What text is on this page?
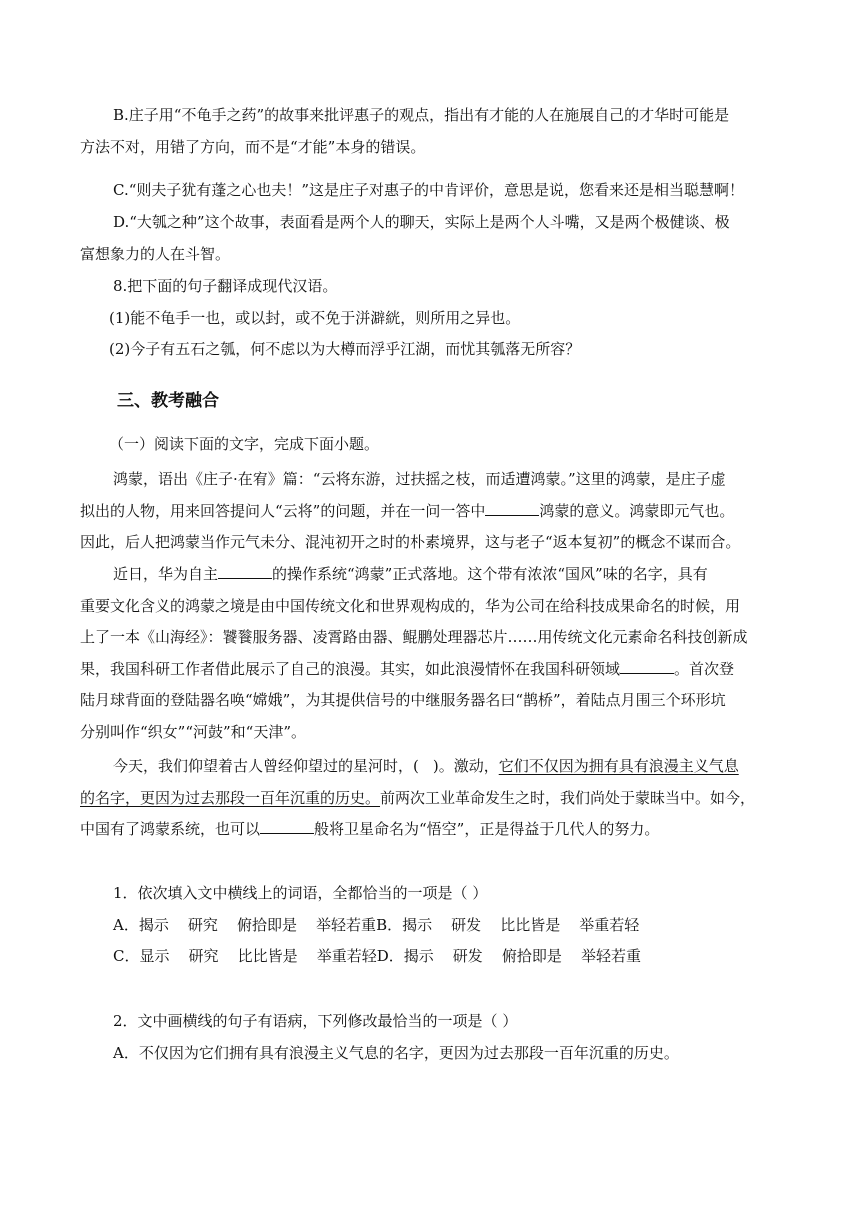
B.庄子用“不龟手之药”的故事来批评惠子的观点，指出有才能的人在施展自己的才华时可能是
方法不对，用错了方向，而不是“才能”本身的错误。
C.“则夫子犹有蓬之心也夫！”这是庄子对惠子的中肯评价，意思是说，您看来还是相当聪慧啊！
D.“大瓠之种”这个故事，表面看是两个人的聊天，实际上是两个人斗嘴，又是两个极健谈、极
富想象力的人在斗智。
8.把下面的句子翻译成现代汉语。
(1)能不龟手一也，或以封，或不免于洴澼絖，则所用之异也。
(2)今子有五石之瓠，何不虑以为大樽而浮乎江湖，而忧其瓠落无所容？
三、教考融合
（一）阅读下面的文字，完成下面小题。
鸿蒙，语出《庄子·在宥》篇：“云将东游，过扶摇之枝，而适遭鸿蒙。”这里的鸿蒙，是庄子虚
拟出的人物，用来回答提问人“云将”的问题，并在一问一答中	鸿蒙的意义。鸿蒙即元气也。
因此，后人把鸿蒙当作元气未分、混沌初开之时的朴素境界，这与老子“返本复初”的概念不谋而合。
近日，华为自主	的操作系统“鸿蒙”正式落地。这个带有浓浓“国风”味的名字，具有
重要文化含义的鸿蒙之境是由中国传统文化和世界观构成的，华为公司在给科技成果命名的时候，用
上了一本《山海经》：饕餮服务器、凌霄路由器、鲲鹏处理器芯片……用传统文化元素命名科技创新成
果，我国科研工作者借此展示了自己的浪漫。其实，如此浪漫情怀在我国科研领域	。首次登
陆月球背面的登陆器名唤“嫦娥”，为其提供信号的中继服务器名曰“鹊桥”，着陆点月围三个环形坑
分别叫作“织女”“河鼓”和“天津”。
今天，我们仰望着古人曾经仰望过的星河时，( )。激动，它们不仅因为拥有具有浪漫主义气息
的名字，更因为过去那段一百年沉重的历史。前两次工业革命发生之时，我们尚处于蒙昧当中。如今，
中国有了鸿蒙系统，也可以	般将卫星命名为“悟空”，正是得益于几代人的努力。
1．依次填入文中横线上的词语，全都恰当的一项是（ ）
A．揭示    研究    俯拾即是    举轻若重B．揭示    研发    比比皆是    举重若轻
C．显示    研究    比比皆是    举重若轻D．揭示    研发    俯拾即是    举轻若重
2．文中画横线的句子有语病，下列修改最恰当的一项是（ ）
A．不仅因为它们拥有具有浪漫主义气息的名字，更因为过去那段一百年沉重的历史。
